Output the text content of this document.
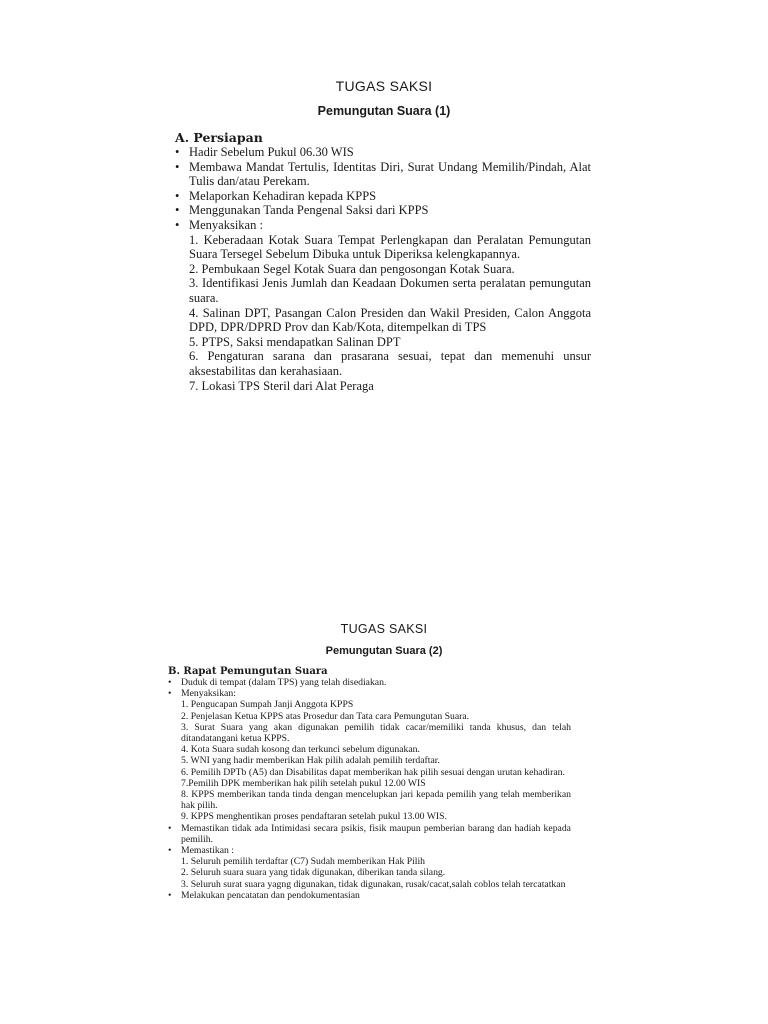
TUGAS SAKSI

Pemungutan Suara (1)

A. Persiapan

• Hadir Sebelum Pukul 06.30 WIS
• Membawa Mandat Tertulis, Identitas Diri, Surat Undang Memilih/Pindah, Alat Tulis dan/atau Perekam.
• Melaporkan Kehadiran kepada KPPS
• Menggunakan Tanda Pengenal Saksi dari KPPS
• Menyaksikan :
1. Keberadaan Kotak Suara Tempat Perlengkapan dan Peralatan Pemungutan Suara Tersegel Sebelum Dibuka untuk Diperiksa kelengkapannya.
2. Pembukaan Segel Kotak Suara dan pengosongan Kotak Suara.
3. Identifikasi Jenis Jumlah dan Keadaan Dokumen serta peralatan pemungutan suara.
4. Salinan DPT, Pasangan Calon Presiden dan Wakil Presiden, Calon Anggota DPD, DPR/DPRD Prov dan Kab/Kota, ditempelkan di TPS
5. PTPS, Saksi mendapatkan Salinan DPT
6. Pengaturan sarana dan prasarana sesuai, tepat dan memenuhi unsur aksestabilitas dan kerahasiaan.
7. Lokasi TPS Steril dari Alat Peraga

TUGAS SAKSI

Pemungutan Suara (2)

B. Rapat Pemungutan Suara

• Duduk di tempat (dalam TPS) yang telah disediakan.
• Menyaksikan:
1. Pengucapan Sumpah Janji Anggota KPPS
2. Penjelasan Ketua KPPS atas Prosedur dan Tata cara Pemungutan Suara.
3. Surat Suara yang akan digunakan pemilih tidak cacar/memiliki tanda khusus, dan telah ditandatangani ketua KPPS.
4. Kota Suara sudah kosong dan terkunci sebelum digunakan.
5. WNI yang hadir memberikan Hak pilih adalah pemilih terdaftar.
6. Pemilih DPTb (A5) dan Disabilitas dapat memberikan hak pilih sesuai dengan urutan kehadiran.
7.Pemilih DPK memberikan hak pilih setelah pukul 12.00 WIS
8. KPPS memberikan tanda tinda dengan mencelupkan jari kepada pemilih yang telah memberikan hak pilih.
9. KPPS menghentikan proses pendaftaran setelah pukul 13.00 WIS.
• Memastikan tidak ada Intimidasi secara psikis, fisik maupun pemberian barang dan hadiah kepada pemilih.
• Memastikan :
1. Seluruh pemilih terdaftar (C7) Sudah memberikan Hak Pilih
2. Seluruh suara suara yang tidak digunakan, diberikan tanda silang.
3. Seluruh surat suara yagng digunakan, tidak digunakan, rusak/cacat,salah coblos telah tercatatkan
• Melakukan pencatatan dan pendokumentasian
